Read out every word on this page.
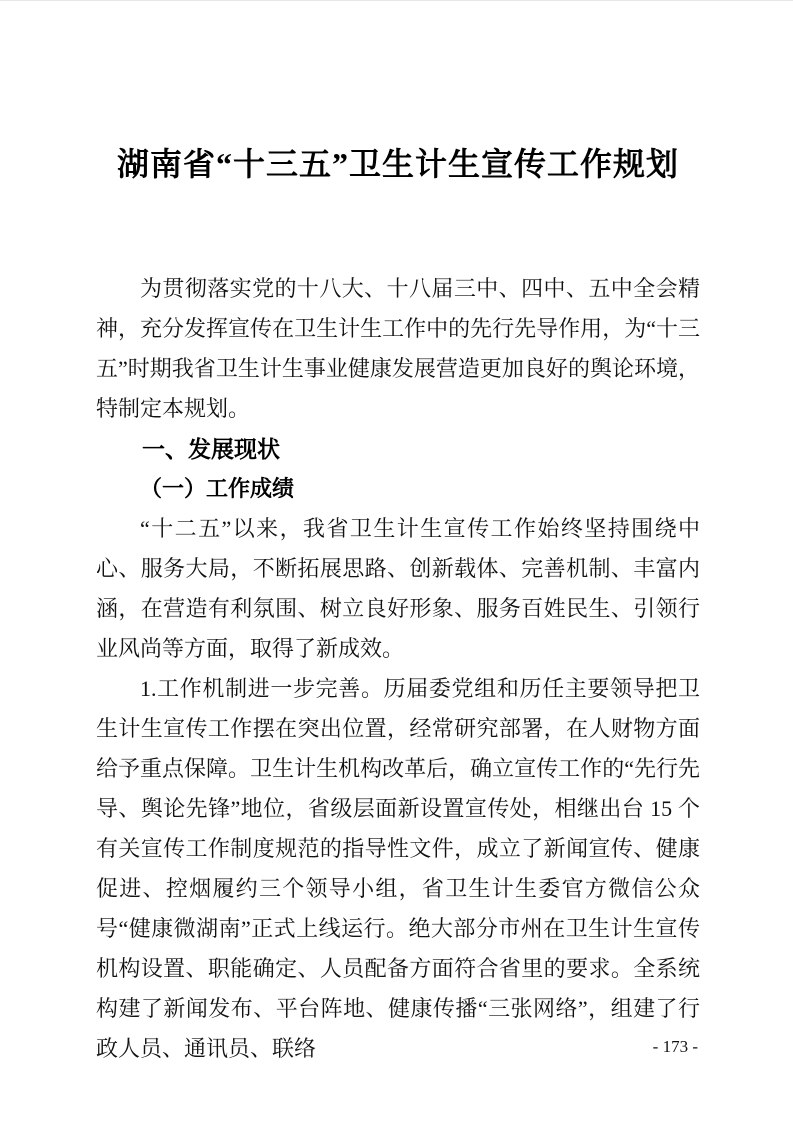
湖南省“十三五”卫生计生宣传工作规划

为贯彻落实党的十八大、十八届三中、四中、五中全会精神，充分发挥宣传在卫生计生工作中的先行先导作用，为“十三五”时期我省卫生计生事业健康发展营造更加良好的舆论环境，特制定本规划。

一、发展现状
（一）工作成绩

“十二五”以来，我省卫生计生宣传工作始终坚持围绕中心、服务大局，不断拓展思路、创新载体、完善机制、丰富内涵，在营造有利氛围、树立良好形象、服务百姓民生、引领行业风尚等方面，取得了新成效。

1.工作机制进一步完善。历届委党组和历任主要领导把卫生计生宣传工作摆在突出位置，经常研究部署，在人财物方面给予重点保障。卫生计生机构改革后，确立宣传工作的“先行先导、舆论先锋”地位，省级层面新设置宣传处，相继出台 15 个有关宣传工作制度规范的指导性文件，成立了新闻宣传、健康促进、控烟履约三个领导小组，省卫生计生委官方微信公众号“健康微湖南”正式上线运行。绝大部分市州在卫生计生宣传机构设置、职能确定、人员配备方面符合省里的要求。全系统构建了新闻发布、平台阵地、健康传播“三张网络”，组建了行政人员、通讯员、联络	- 173 -
